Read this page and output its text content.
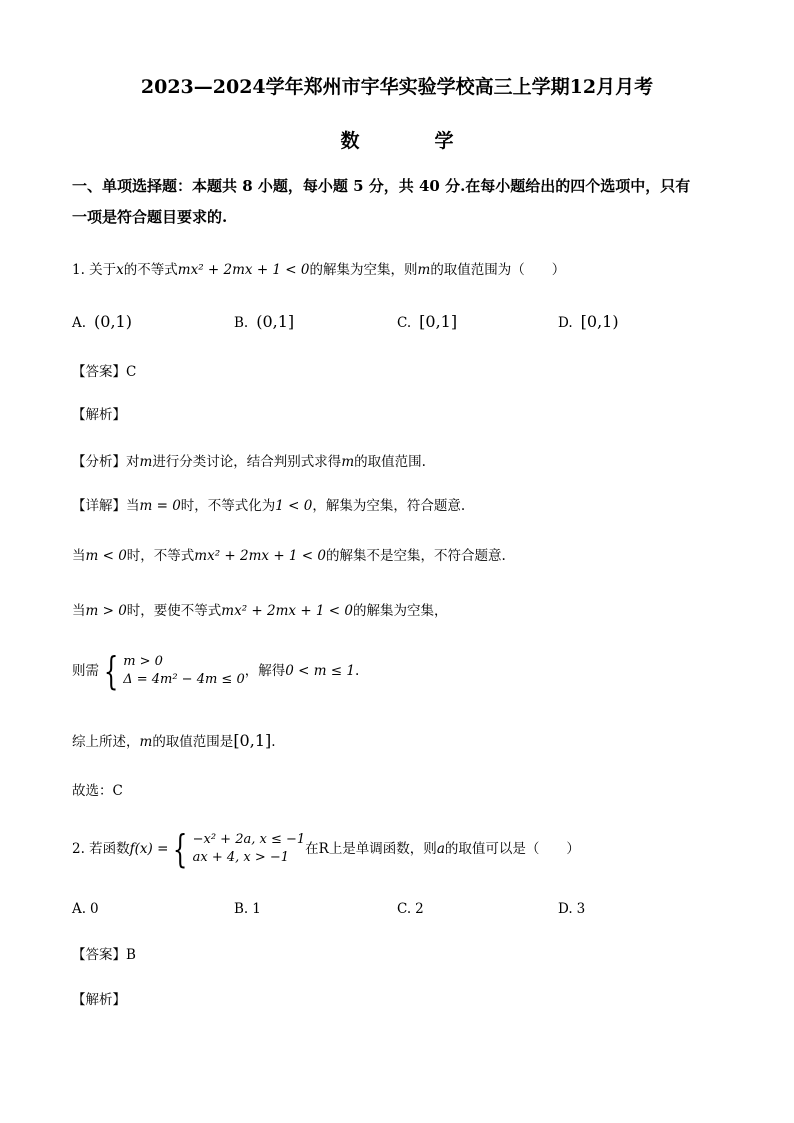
2023—2024学年郑州市宇华实验学校高三上学期12月月考
数　学
一、单项选择题：本题共 8 小题，每小题 5 分，共 40 分.在每小题给出的四个选项中，只有
一项是符合题目要求的.
1. 关于x的不等式mx² + 2mx + 1 < 0的解集为空集，则m的取值范围为（　　）
A. (0,1)	B. (0,1]	C. [0,1]	D. [0,1)
【答案】C
【解析】
【分析】对m进行分类讨论，结合判别式求得m的取值范围.
【详解】当m = 0时，不等式化为1 < 0，解集为空集，符合题意.
当m < 0时，不等式mx² + 2mx + 1 < 0的解集不是空集，不符合题意.
当m > 0时，要使不等式mx² + 2mx + 1 < 0的解集为空集，
则需 { m > 0
Δ = 4m² − 4m ≤ 0
，解得 0 < m ≤ 1 .
综上所述，m的取值范围是[0,1].
故选：C
2. 若函数 f(x) = { −x² + 2a, x ≤ −1
ax + 4, x > −1
在 R 上是单调函数，则 a 的取值可以是（　　）
A. 0	B. 1	C. 2	D. 3
【答案】B
【解析】
